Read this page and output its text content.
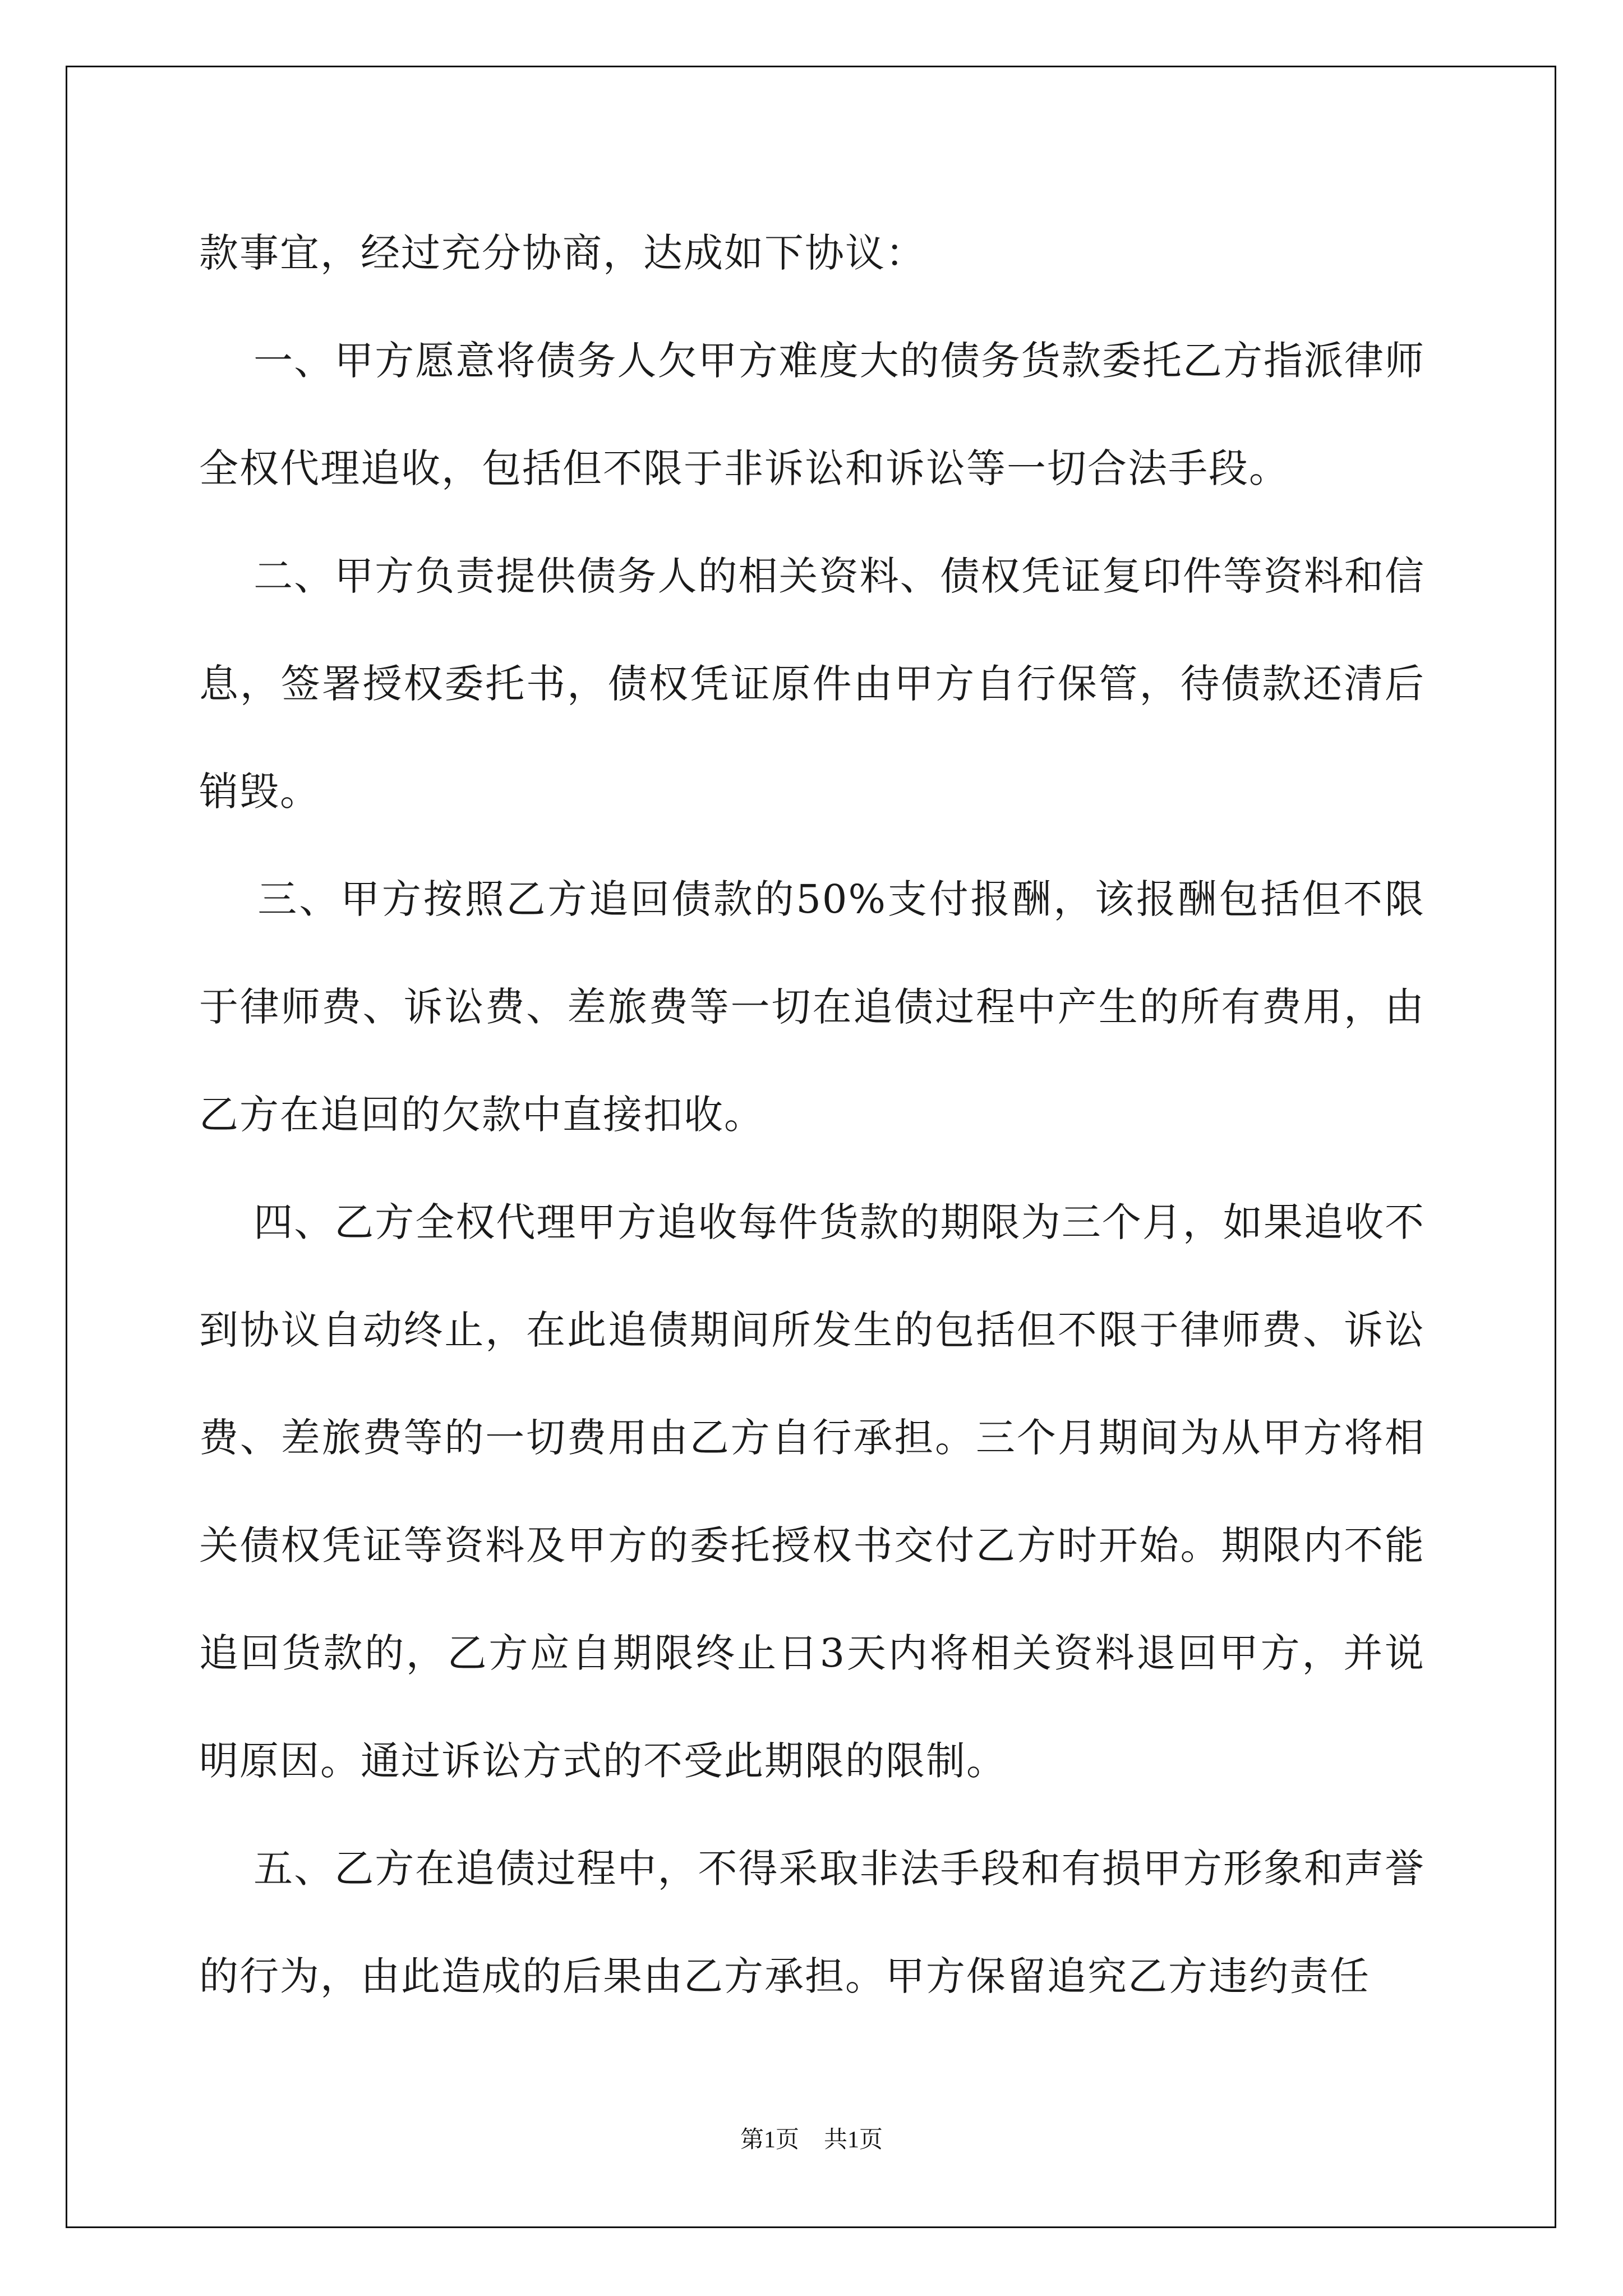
款事宜，经过充分协商，达成如下协议：

一、甲方愿意将债务人欠甲方难度大的债务货款委托乙方指派律师全权代理追收，包括但不限于非诉讼和诉讼等一切合法手段。

二、甲方负责提供债务人的相关资料、债权凭证复印件等资料和信息，签署授权委托书，债权凭证原件由甲方自行保管，待债款还清后销毁。

三、甲方按照乙方追回债款的50%支付报酬，该报酬包括但不限于律师费、诉讼费、差旅费等一切在追债过程中产生的所有费用，由乙方在追回的欠款中直接扣收。

四、乙方全权代理甲方追收每件货款的期限为三个月，如果追收不到协议自动终止，在此追债期间所发生的包括但不限于律师费、诉讼费、差旅费等的一切费用由乙方自行承担。三个月期间为从甲方将相关债权凭证等资料及甲方的委托授权书交付乙方时开始。期限内不能追回货款的，乙方应自期限终止日3天内将相关资料退回甲方，并说明原因。通过诉讼方式的不受此期限的限制。

五、乙方在追债过程中，不得采取非法手段和有损甲方形象和声誉的行为，由此造成的后果由乙方承担。甲方保留追究乙方违约责任

第1页 共1页
